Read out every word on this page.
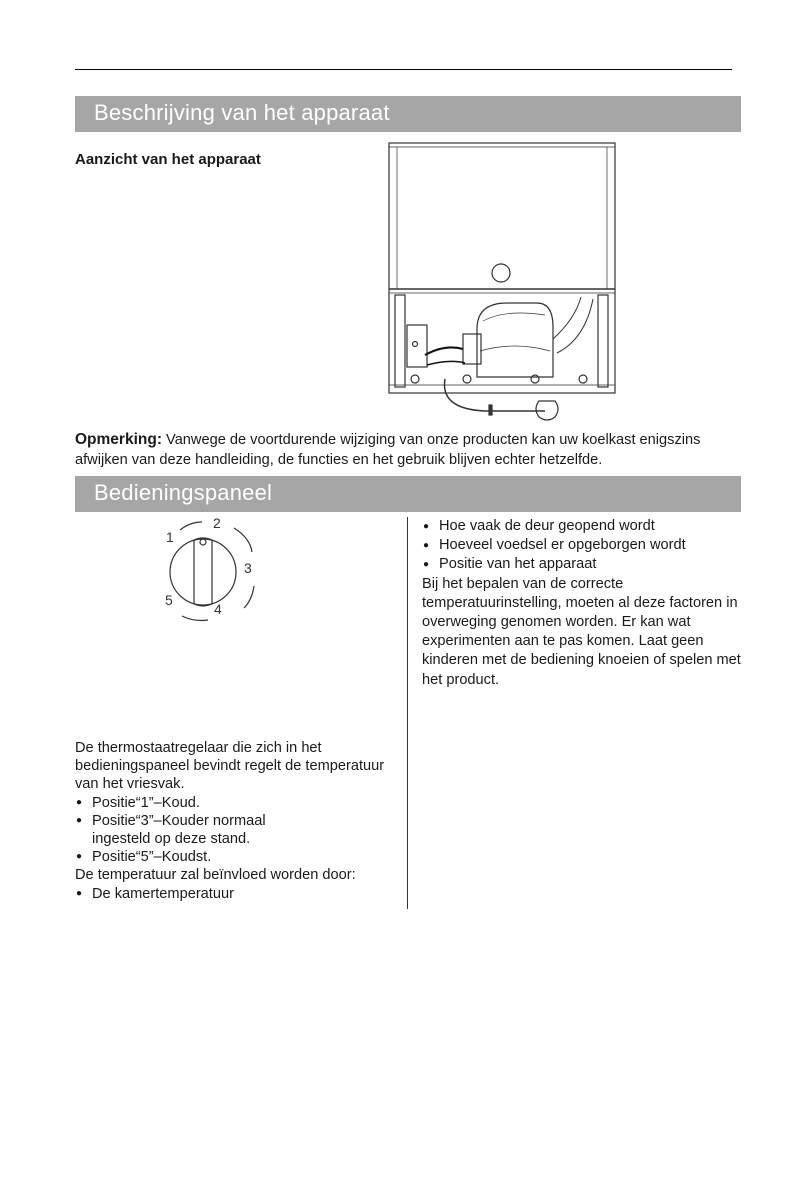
Beschrijving van het apparaat
Aanzicht van het apparaat
Opmerking: Vanwege de voortdurende wijziging van onze producten kan uw koelkast enigszins afwijken van deze handleiding, de functies en het gebruik blijven echter hetzelfde.
Bedieningspaneel
1
2
3
4
5

De thermostaatregelaar die zich in het bedieningspaneel bevindt regelt de temperatuur van het vriesvak.

● Positie“1”–Koud.

● Positie“3”–Kouder normaal

ingesteld op deze stand.

● Positie“5”–Koudst.

De temperatuur zal beïnvloed worden door:

● De kamertemperatuur

● Hoe vaak de deur geopend wordt

● Hoeveel voedsel er opgeborgen wordt

● Positie van het apparaat

Bij het bepalen van de correcte temperatuurinstelling, moeten al deze factoren in overweging genomen worden. Er kan wat experimenten aan te pas komen. Laat geen kinderen met de bediening knoeien of spelen met het product.
